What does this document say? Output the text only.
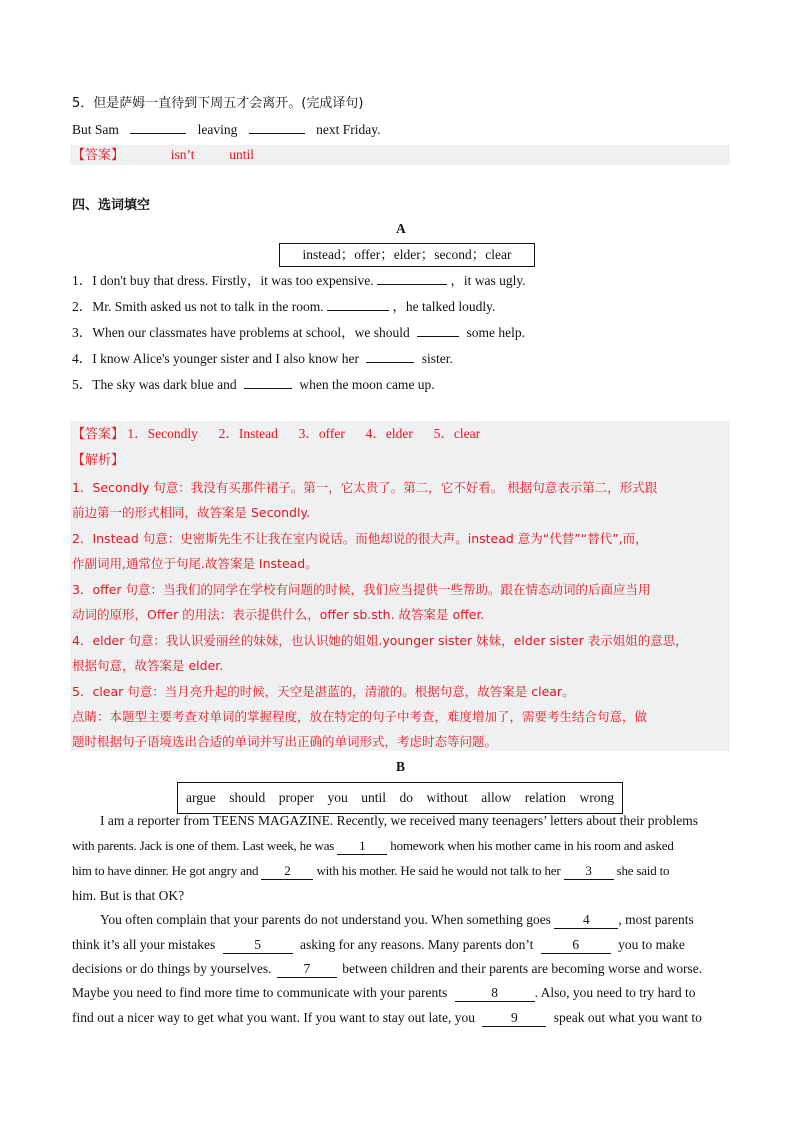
5．但是萨姆一直待到下周五才会离开。(完成译句)
But Sam	leaving	next Friday.
【答案】	isn’t	until
四、选词填空
A
instead；offer；elder；second；clear
1．I don't buy that dress. Firstly，it was too expensive.	，it was ugly.
2．Mr. Smith asked us not to talk in the room.	，he talked loudly.
3．When our classmates have problems at school，we should	some help.
4．I know Alice's younger sister and I also know her	sister.
5．The sky was dark blue and	when the moon came up.
【答案】 1．Secondly 2．Instead 3．offer 4．elder 5．clear
【解析】
1．Secondly 句意：我没有买那件裙子。第一，它太贵了。第二，它不好看。 根据句意表示第二，形式跟
前边第一的形式相同，故答案是 Secondly.
2．Instead 句意：史密斯先生不让我在室内说话。而他却说的很大声。instead 意为“代替”“替代”,而，
作副词用,通常位于句尾.故答案是 Instead。
3．offer 句意：当我们的同学在学校有问题的时候，我们应当提供一些帮助。跟在情态动词的后面应当用
动词的原形，Offer 的用法：表示提供什么，offer sb.sth. 故答案是 offer.
4．elder 句意：我认识爱丽丝的妹妹，也认识她的姐姐.younger sister 妹妹，elder sister 表示姐姐的意思，
根据句意，故答案是 elder.
5．clear 句意：当月亮升起的时候，天空是湛蓝的，清澈的。根据句意，故答案是 clear。
点睛：本题型主要考查对单词的掌握程度，放在特定的句子中考查，难度增加了，需要考生结合句意，做
题时根据句子语境选出合适的单词并写出正确的单词形式，考虑时态等问题。
B
argue should proper you until do without allow relation wrong
I am a reporter from TEENS MAGAZINE. Recently, we received many teenagers’ letters about their problems
with parents. Jack is one of them. Last week, he was 1 homework when his mother came in his room and asked
him to have dinner. He got angry and 2 with his mother. He said he would not talk to her 3 she said to
him. But is that OK?
You often complain that your parents do not understand you. When something goes 4 , most parents
think it’s all your mistakes	5	asking for any reasons. Many parents don’t	6	you to make
decisions or do things by yourselves. 7 between children and their parents are becoming worse and worse.
Maybe you need to find more time to communicate with your parents	8	. Also, you need to try hard to
find out a nicer way to get what you want. If you want to stay out late, you	9	speak out what you want to
